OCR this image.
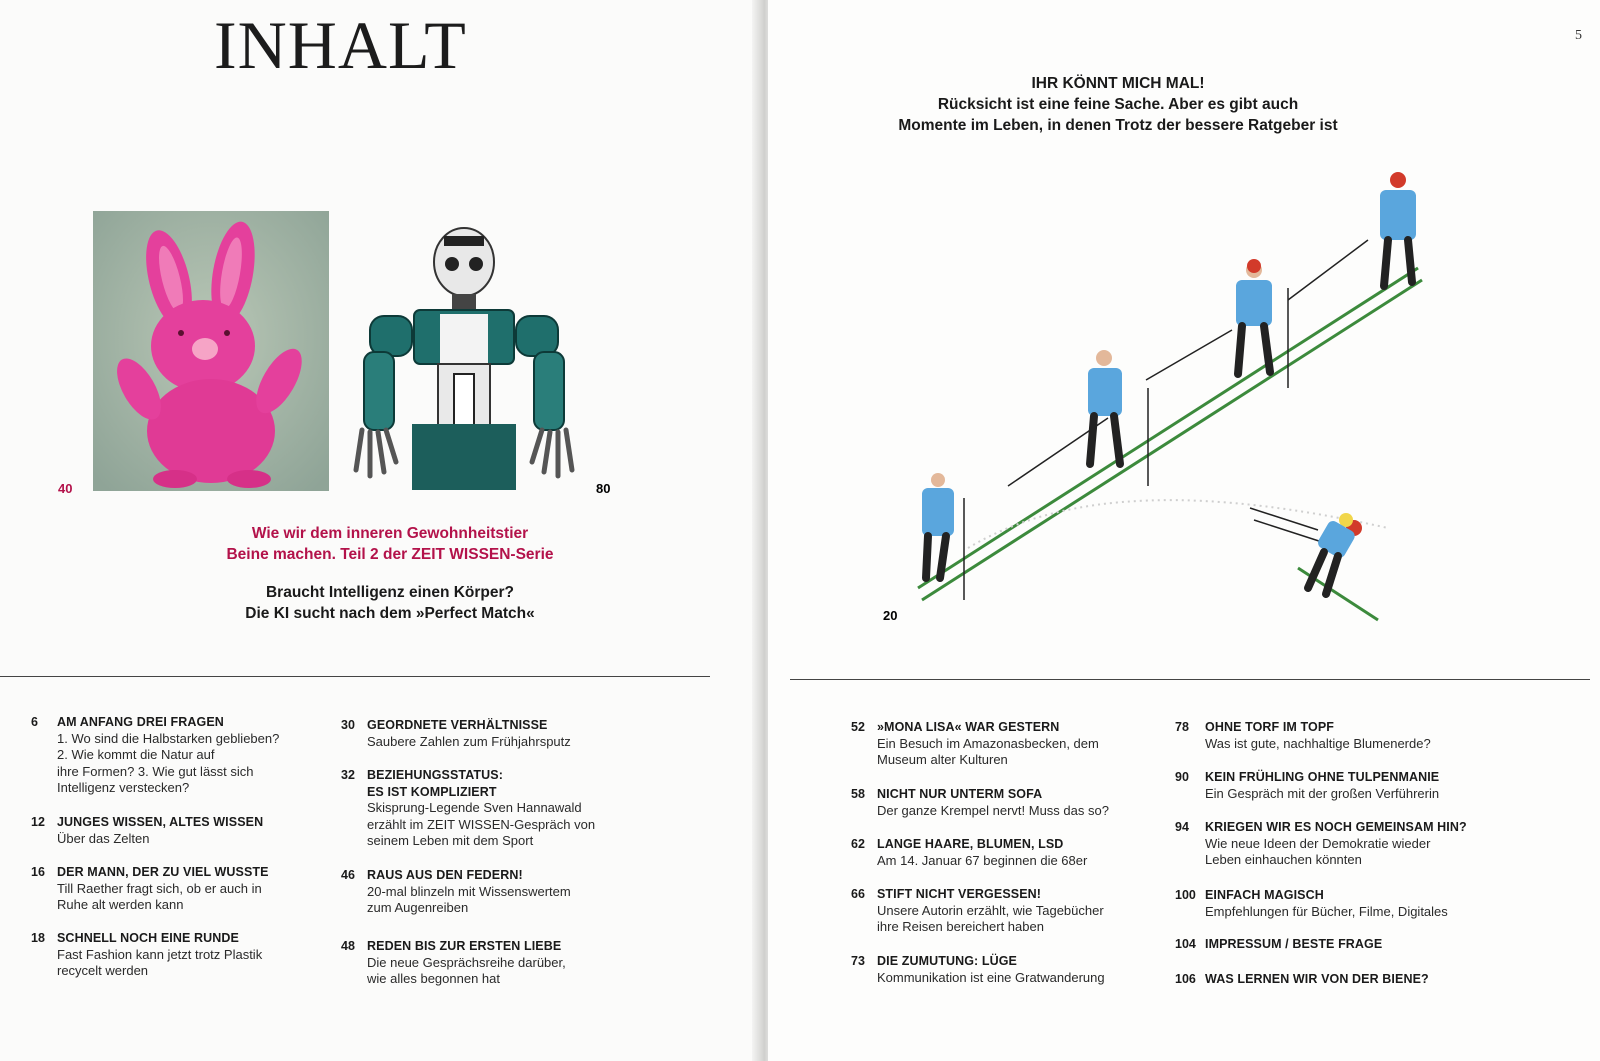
INHALT
40	80
Wie wir dem inneren Gewohnheitstier
Beine machen. Teil 2 der ZEIT WISSEN-Serie
Braucht Intelligenz einen Körper?
Die KI sucht nach dem »Perfect Match«
6	AM ANFANG DREI FRAGEN
1. Wo sind die Halbstarken geblieben?
2. Wie kommt die Natur auf
ihre Formen? 3. Wie gut lässt sich
Intelligenz verstecken?
12 JUNGES WISSEN, ALTES WISSEN
Über das Zelten
16 DER MANN, DER ZU VIEL WUSSTE
Till Raether fragt sich, ob er auch in
Ruhe alt werden kann
18 SCHNELL NOCH EINE RUNDE
Fast Fashion kann jetzt trotz Plastik
recycelt werden
30 GEORDNETE VERHÄLTNISSE
Saubere Zahlen zum Frühjahrsputz
32 BEZIEHUNGSSTATUS:
ES IST KOMPLIZIERT
Skisprung-Legende Sven Hannawald
erzählt im ZEIT WISSEN-Gespräch von
seinem Leben mit dem Sport
46 RAUS AUS DEN FEDERN!
20-mal blinzeln mit Wissenswertem
zum Augenreiben
48 REDEN BIS ZUR ERSTEN LIEBE
Die neue Gesprächsreihe darüber,
wie alles begonnen hat
5
IHR KÖNNT MICH MAL!
Rücksicht ist eine feine Sache. Aber es gibt auch
Momente im Leben, in denen Trotz der bessere Ratgeber ist
20
52 »MONA LISA« WAR GESTERN
Ein Besuch im Amazonasbecken, dem
Museum alter Kulturen
58 NICHT NUR UNTERM SOFA
Der ganze Krempel nervt! Muss das so?
62 LANGE HAARE, BLUMEN, LSD
Am 14. Januar 67 beginnen die 68er
66 STIFT NICHT VERGESSEN!
Unsere Autorin erzählt, wie Tagebücher
ihre Reisen bereichert haben
73 DIE ZUMUTUNG: LÜGE
Kommunikation ist eine Gratwanderung
78	OHNE TORF IM TOPF
Was ist gute, nachhaltige Blumenerde?
90	KEIN FRÜHLING OHNE TULPENMANIE
Ein Gespräch mit der großen Verführerin
94	KRIEGEN WIR ES NOCH GEMEINSAM HIN?
Wie neue Ideen der Demokratie wieder
Leben einhauchen könnten
100 EINFACH MAGISCH
Empfehlungen für Bücher, Filme, Digitales
104 IMPRESSUM / BESTE FRAGE
106 WAS LERNEN WIR VON DER BIENE?
